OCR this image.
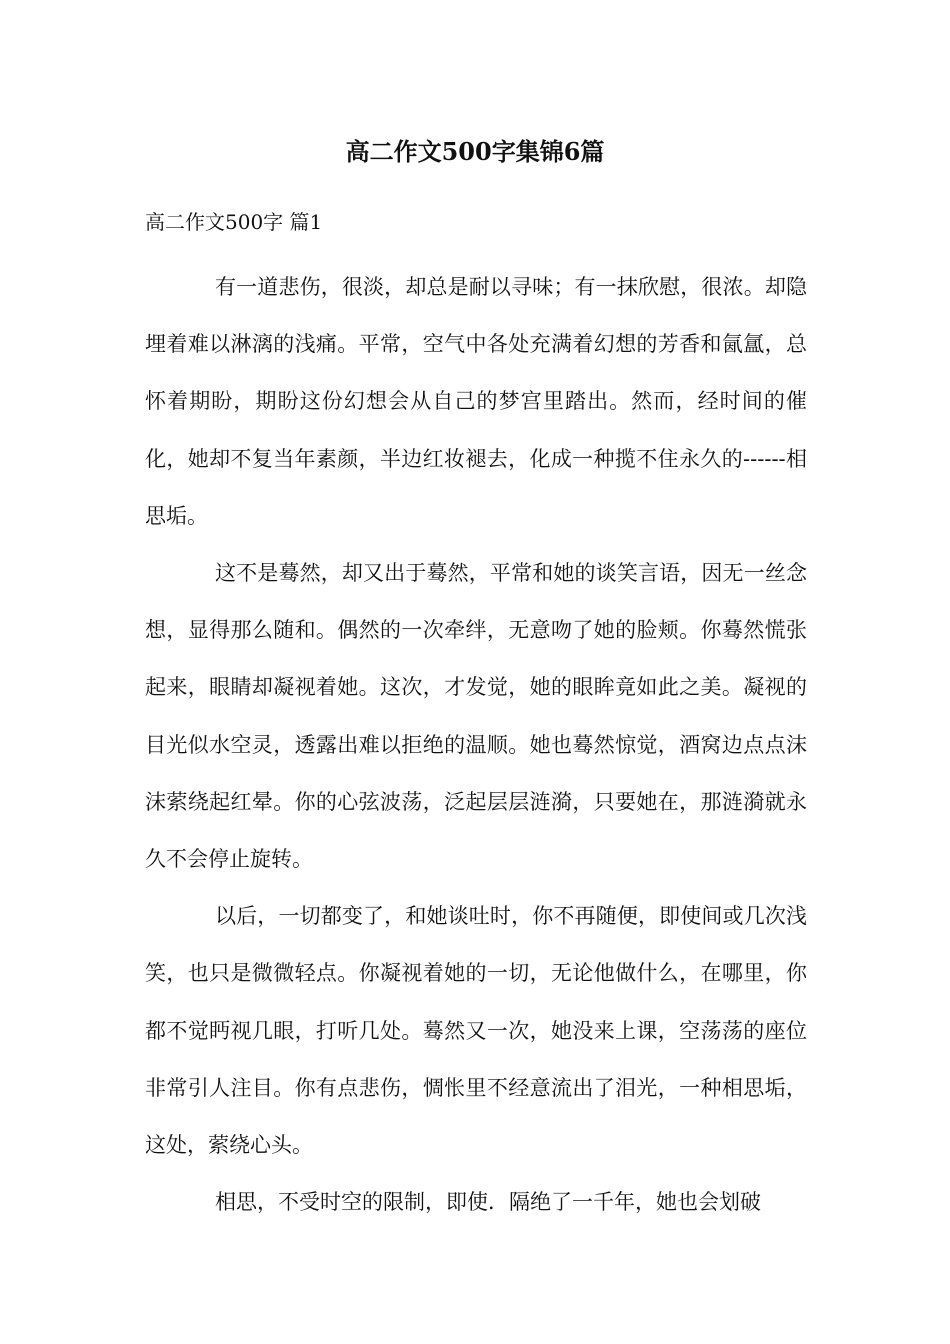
高二作文500字集锦6篇
高二作文500字 篇1

有一道悲伤，很淡，却总是耐以寻味；有一抹欣慰，很浓。却隐埋着难以淋漓的浅痛。平常，空气中各处充满着幻想的芳香和氤氲，总怀着期盼，期盼这份幻想会从自己的梦宫里踏出。然而，经时间的催化，她却不复当年素颜，半边红妆褪去，化成一种揽不住永久的------相思垢。

这不是蓦然，却又出于蓦然，平常和她的谈笑言语，因无一丝念想，显得那么随和。偶然的一次牵绊，无意吻了她的脸颊。你蓦然慌张起来，眼睛却凝视着她。这次，才发觉，她的眼眸竟如此之美。凝视的目光似水空灵，透露出难以拒绝的温顺。她也蓦然惊觉，酒窝边点点沫沫萦绕起红晕。你的心弦波荡，泛起层层涟漪，只要她在，那涟漪就永久不会停止旋转。

以后，一切都变了，和她谈吐时，你不再随便，即使间或几次浅笑，也只是微微轻点。你凝视着她的一切，无论他做什么，在哪里，你都不觉眄视几眼，打听几处。蓦然又一次，她没来上课，空荡荡的座位非常引人注目。你有点悲伤，惆怅里不经意流出了泪光，一种相思垢，这处，萦绕心头。

相思，不受时空的限制，即使．隔绝了一千年，她也会划破
